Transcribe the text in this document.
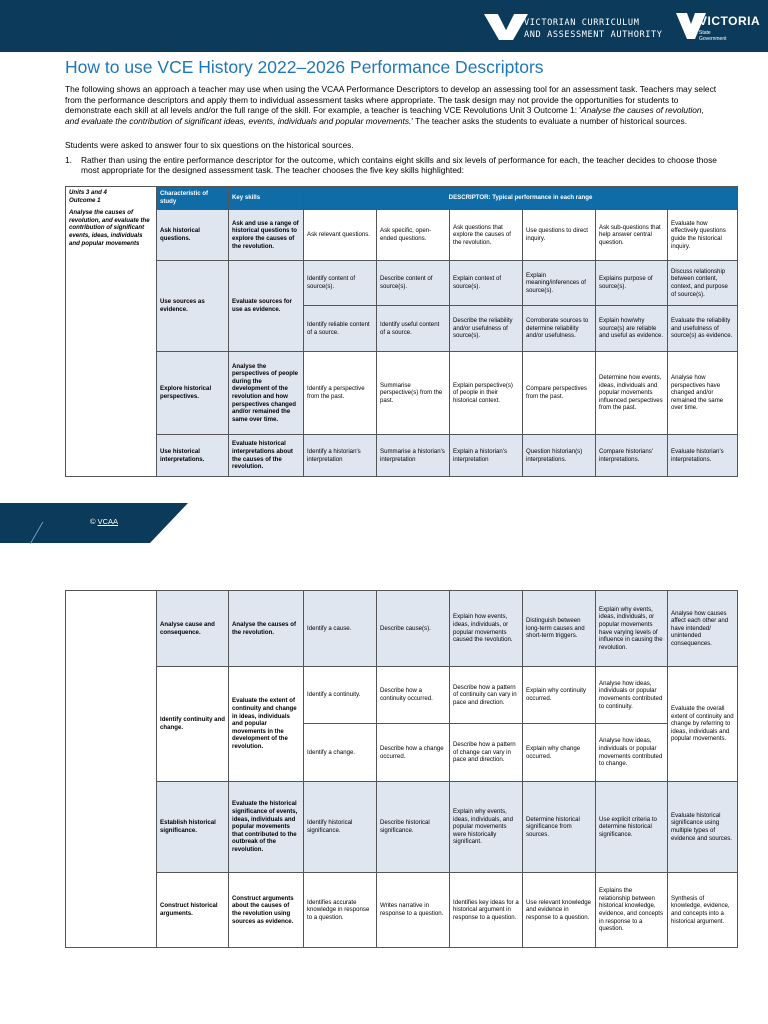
VICTORIAN CURRICULUM
AND ASSESSMENT AUTHORITY
VICTORIA
State
Government
How to use VCE History 2022–2026 Performance Descriptors
The following shows an approach a teacher may use when using the VCAA Performance Descriptors to develop an assessing tool for an assessment task. Teachers may select from the performance descriptors and apply them to individual assessment tasks where appropriate. The task design may not provide the opportunities for students to demonstrate each skill at all levels and/or the full range of the skill. For example, a teacher is teaching VCE Revolutions Unit 3 Outcome 1: 'Analyse the causes of revolution, and evaluate the contribution of significant ideas, events, individuals and popular movements.' The teacher asks the students to evaluate a number of historical sources.
Students were asked to answer four to six questions on the historical sources.
1. Rather than using the entire performance descriptor for the outcome, which contains eight skills and six levels of performance for each, the teacher decides to choose those most appropriate for the designed assessment task. The teacher chooses the five key skills highlighted:
Units 3 and 4
Outcome 1
Analyse the causes of revolution, and evaluate the contribution of significant events, ideas, individuals and popular movements	Characteristic of study	Key skills	DESCRIPTOR: Typical performance in each range					
	Ask historical questions.	Ask and use a range of historical questions to explore the causes of the revolution.	Ask relevant questions.	Ask specific, open-ended questions.	Ask questions that explore the causes of the revolution.	Use questions to direct inquiry.	Ask sub-questions that help answer central question.	Evaluate how effectively questions guide the historical inquiry.
	Use sources as evidence.	Evaluate sources for use as evidence.	Identify content of source(s).	Describe content of source(s).	Explain context of source(s).	Explain meaning/inferences of source(s).	Explains purpose of source(s).	Discuss relationship between content, context, and purpose of source(s).
			Identify reliable content of a source.	Identify useful content of a source.	Describe the reliability and/or usefulness of source(s).	Corroborate sources to determine reliability and/or usefulness.	Explain how/why source(s) are reliable and useful as evidence.	Evaluate the reliability and usefulness of source(s) as evidence.
	Explore historical perspectives.	Analyse the perspectives of people during the development of the revolution and how perspectives changed and/or remained the same over time.	Identify a perspective from the past.	Summarise perspective(s) from the past.	Explain perspective(s) of people in their historical context.	Compare perspectives from the past.	Determine how events, ideas, individuals and popular movements influenced perspectives from the past.	Analyse how perspectives have changed and/or remained the same over time.
	Use historical interpretations.	Evaluate historical interpretations about the causes of the revolution.	Identify a historian's interpretation	Summarise a historian's interpretation	Explain a historian's interpretation	Question historian(s) interpretations.	Compare historians' interpretations.	Evaluate historian's interpretations.
© VCAA
	Analyse cause and consequence.	Analyse the causes of the revolution.	Identify a cause.	Describe cause(s).	Explain how events, ideas, individuals, or popular movements caused the revolution.	Distinguish between long-term causes and short-term triggers.	Explain why events, ideas, individuals, or popular movements have varying levels of influence in causing the revolution.	Analyse how causes affect each other and have intended/ unintended consequences.
	Identify continuity and change.	Evaluate the extent of continuity and change in ideas, individuals and popular movements in the development of the revolution.	Identify a continuity.	Describe how a continuity occurred.	Describe how a pattern of continuity can vary in pace and direction.	Explain why continuity occurred.	Analyse how ideas, individuals or popular movements contributed to continuity.	Evaluate the overall extent of continuity and change by referring to ideas, individuals and popular movements.
			Identify a change.	Describe how a change occurred.	Describe how a pattern of change can vary in pace and direction.	Explain why change occurred.	Analyse how ideas, individuals or popular movements contributed to change.	
	Establish historical significance.	Evaluate the historical significance of events, ideas, individuals and popular movements that contributed to the outbreak of the revolution.	Identify historical significance.	Describe historical significance.	Explain why events, ideas, individuals, and popular movements were historically significant.	Determine historical significance from sources.	Use explicit criteria to determine historical significance.	Evaluate historical significance using multiple types of evidence and sources.
	Construct historical arguments.	Construct arguments about the causes of the revolution using sources as evidence.	Identifies accurate knowledge in response to a question.	Writes narrative in response to a question.	Identifies key ideas for a historical argument in response to a question.	Use relevant knowledge and evidence in response to a question.	Explains the relationship between historical knowledge, evidence, and concepts in response to a question.	Synthesis of knowledge, evidence, and concepts into a historical argument.
